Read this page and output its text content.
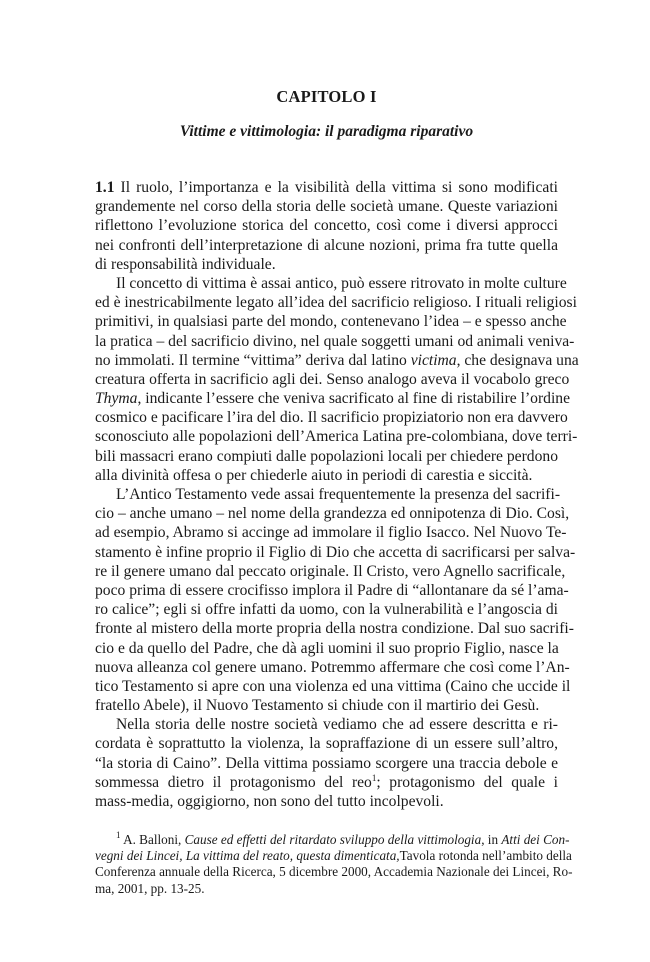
CAPITOLO I
Vittime e vittimologia: il paradigma riparativo
1.1 Il ruolo, l’importanza e la visibilità della vittima si sono modificati
grandemente nel corso della storia delle società umane. Queste variazioni
riflettono l’evoluzione storica del concetto, così come i diversi approcci
nei confronti dell’interpretazione di alcune nozioni, prima fra tutte quella
di responsabilità individuale.
Il concetto di vittima è assai antico, può essere ritrovato in molte culture
ed è inestricabilmente legato all’idea del sacrificio religioso. I rituali religiosi
primitivi, in qualsiasi parte del mondo, contenevano l’idea – e spesso anche
la pratica – del sacrificio divino, nel quale soggetti umani od animali veniva-
no immolati. Il termine “vittima” deriva dal latino victima, che designava una
creatura offerta in sacrificio agli dei. Senso analogo aveva il vocabolo greco
Thyma, indicante l’essere che veniva sacrificato al fine di ristabilire l’ordine
cosmico e pacificare l’ira del dio. Il sacrificio propiziatorio non era davvero
sconosciuto alle popolazioni dell’America Latina pre-colombiana, dove terri-
bili massacri erano compiuti dalle popolazioni locali per chiedere perdono
alla divinità offesa o per chiederle aiuto in periodi di carestia e siccità.
L’Antico Testamento vede assai frequentemente la presenza del sacrifi-
cio – anche umano – nel nome della grandezza ed onnipotenza di Dio. Così,
ad esempio, Abramo si accinge ad immolare il figlio Isacco. Nel Nuovo Te-
stamento è infine proprio il Figlio di Dio che accetta di sacrificarsi per salva-
re il genere umano dal peccato originale. Il Cristo, vero Agnello sacrificale,
poco prima di essere crocifisso implora il Padre di “allontanare da sé l’ama-
ro calice”; egli si offre infatti da uomo, con la vulnerabilità e l’angoscia di
fronte al mistero della morte propria della nostra condizione. Dal suo sacrifi-
cio e da quello del Padre, che dà agli uomini il suo proprio Figlio, nasce la
nuova alleanza col genere umano. Potremmo affermare che così come l’An-
tico Testamento si apre con una violenza ed una vittima (Caino che uccide il
fratello Abele), il Nuovo Testamento si chiude con il martirio dei Gesù.
Nella storia delle nostre società vediamo che ad essere descritta e ri-
cordata è soprattutto la violenza, la sopraffazione di un essere sull’altro,
“la storia di Caino”. Della vittima possiamo scorgere una traccia debole e
sommessa dietro il protagonismo del reo$^1$; protagonismo del quale i
mass-media, oggigiorno, non sono del tutto incolpevoli.
$^1$ A. Balloni, Cause ed effetti del ritardato sviluppo della vittimologia, in Atti dei Con-
vegni dei Lincei, La vittima del reato, questa dimenticata,Tavola rotonda nell’ambito della
Conferenza annuale della Ricerca, 5 dicembre 2000, Accademia Nazionale dei Lincei, Ro-
ma, 2001, pp. 13-25.
